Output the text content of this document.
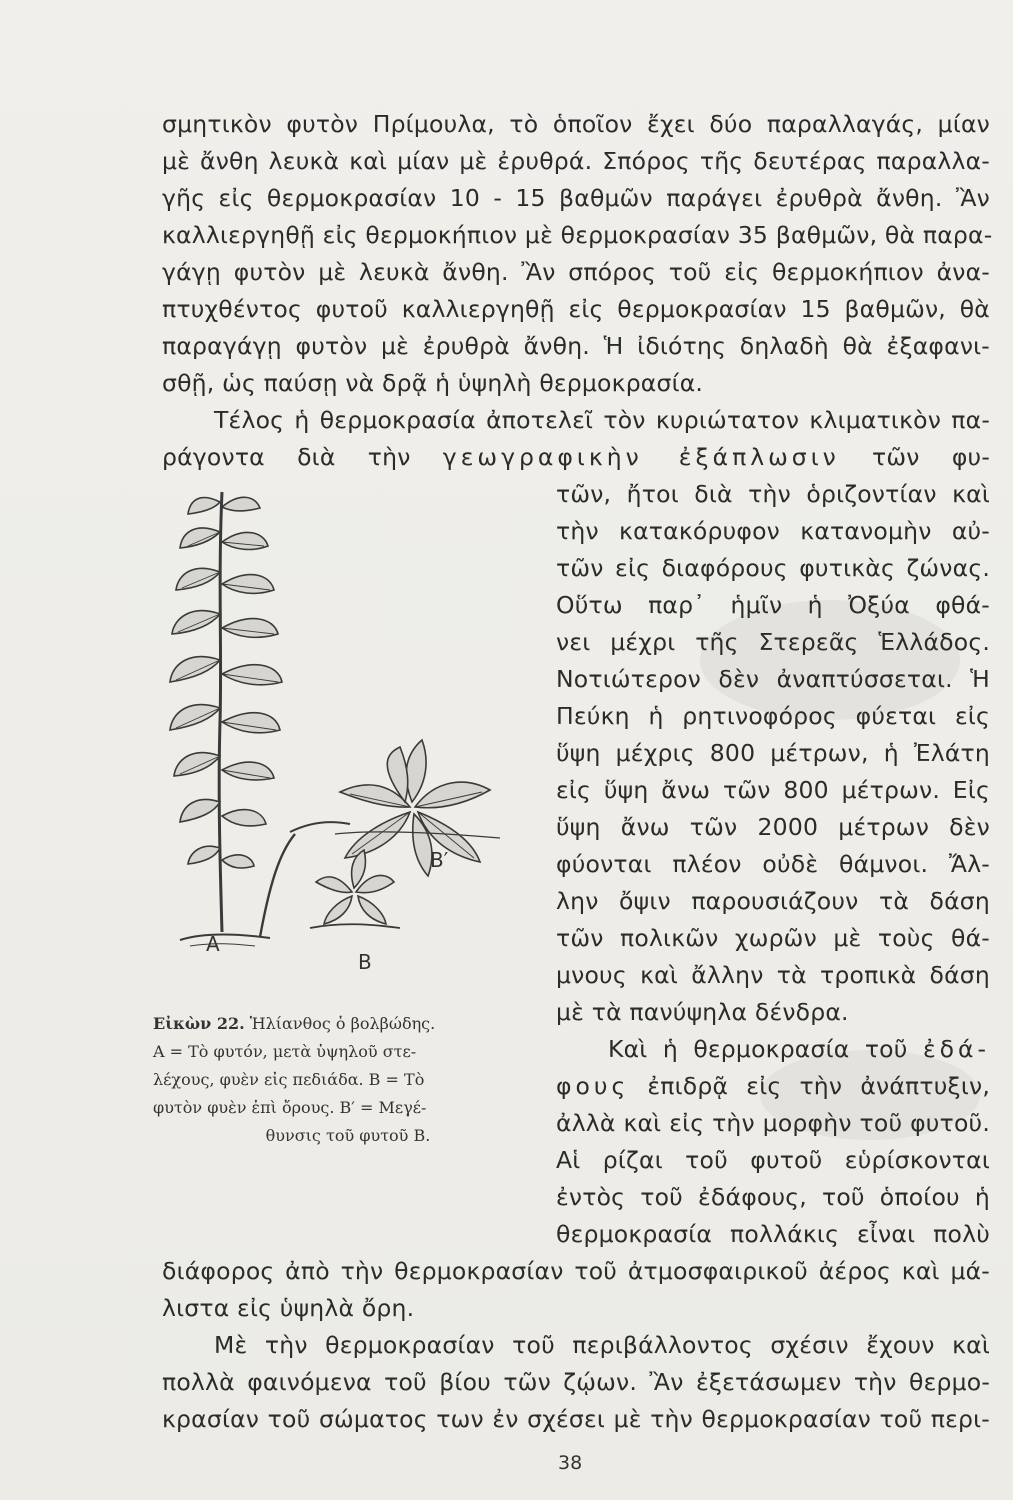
σμητικὸν φυτὸν Πρίμουλα, τὸ ὁποῖον ἔχει δύο παραλλαγάς, μίαν
μὲ ἄνθη λευκὰ καὶ μίαν μὲ ἐρυθρά. Σπόρος τῆς δευτέρας παραλλα-
γῆς εἰς θερμοκρασίαν 10 - 15 βαθμῶν παράγει ἐρυθρὰ ἄνθη. Ἂν
καλλιεργηθῇ εἰς θερμοκήπιον μὲ θερμοκρασίαν 35 βαθμῶν, θὰ παρα-
γάγῃ φυτὸν μὲ λευκὰ ἄνθη. Ἂν σπόρος τοῦ εἰς θερμοκήπιον ἀνα-
πτυχθέντος φυτοῦ καλλιεργηθῇ εἰς θερμοκρασίαν 15 βαθμῶν, θὰ
παραγάγῃ φυτὸν μὲ ἐρυθρὰ ἄνθη. Ἡ ἰδιότης δηλαδὴ θὰ ἐξαφανι-
σθῇ, ὡς παύσῃ νὰ δρᾷ ἡ ὑψηλὴ θερμοκρασία.
Τέλος ἡ θερμοκρασία ἀποτελεῖ τὸν κυριώτατον κλιματικὸν πα-
ράγοντα διὰ τὴν γεωγραφικὴν ἐξάπλωσιν τῶν φυ-
τῶν, ἤτοι διὰ τὴν ὁριζοντίαν καὶ
τὴν κατακόρυφον κατανομὴν αὐ-
τῶν εἰς διαφόρους φυτικὰς ζώνας.
Οὕτω παρ᾽ ἡμῖν ἡ Ὀξύα φθά-
νει μέχρι τῆς Στερεᾶς Ἑλλάδος.
Νοτιώτερον δὲν ἀναπτύσσεται. Ἡ
Πεύκη ἡ ρητινοφόρος φύεται εἰς
ὕψη μέχρις 800 μέτρων, ἡ Ἐλάτη
εἰς ὕψη ἄνω τῶν 800 μέτρων. Εἰς
ὕψη ἄνω τῶν 2000 μέτρων δὲν
φύονται πλέον οὐδὲ θάμνοι. Ἄλ-
λην ὄψιν παρουσιάζουν τὰ δάση
τῶν πολικῶν χωρῶν μὲ τοὺς θά-
μνους καὶ ἄλλην τὰ τροπικὰ δάση
μὲ τὰ πανύψηλα δένδρα.
Καὶ ἡ θερμοκρασία τοῦ ἐδά-
φους ἐπιδρᾷ εἰς τὴν ἀνάπτυξιν,
ἀλλὰ καὶ εἰς τὴν μορφὴν τοῦ φυτοῦ.
Αἱ ρίζαι τοῦ φυτοῦ εὑρίσκονται
ἐντὸς τοῦ ἐδάφους, τοῦ ὁποίου ἡ
θερμοκρασία πολλάκις εἶναι πολὺ
διάφορος ἀπὸ τὴν θερμοκρασίαν τοῦ ἀτμοσφαιρικοῦ ἀέρος καὶ μά-
λιστα εἰς ὑψηλὰ ὄρη.
Μὲ τὴν θερμοκρασίαν τοῦ περιβάλλοντος σχέσιν ἔχουν καὶ
πολλὰ φαινόμενα τοῦ βίου τῶν ζῴων. Ἂν ἐξετάσωμεν τὴν θερμο-
κρασίαν τοῦ σώματος των ἐν σχέσει μὲ τὴν θερμοκρασίαν τοῦ περι-
A
B
B′
Εἰκὼν 22. Ἡλίανθος ὁ βολβώδης.
A = Τὸ φυτόν, μετὰ ὑψηλοῦ στε-
λέχους, φυὲν εἰς πεδιάδα. B = Τὸ
φυτὸν φυὲν ἐπὶ ὄρους. B′ = Μεγέ-
θυνσις τοῦ φυτοῦ B.
38
